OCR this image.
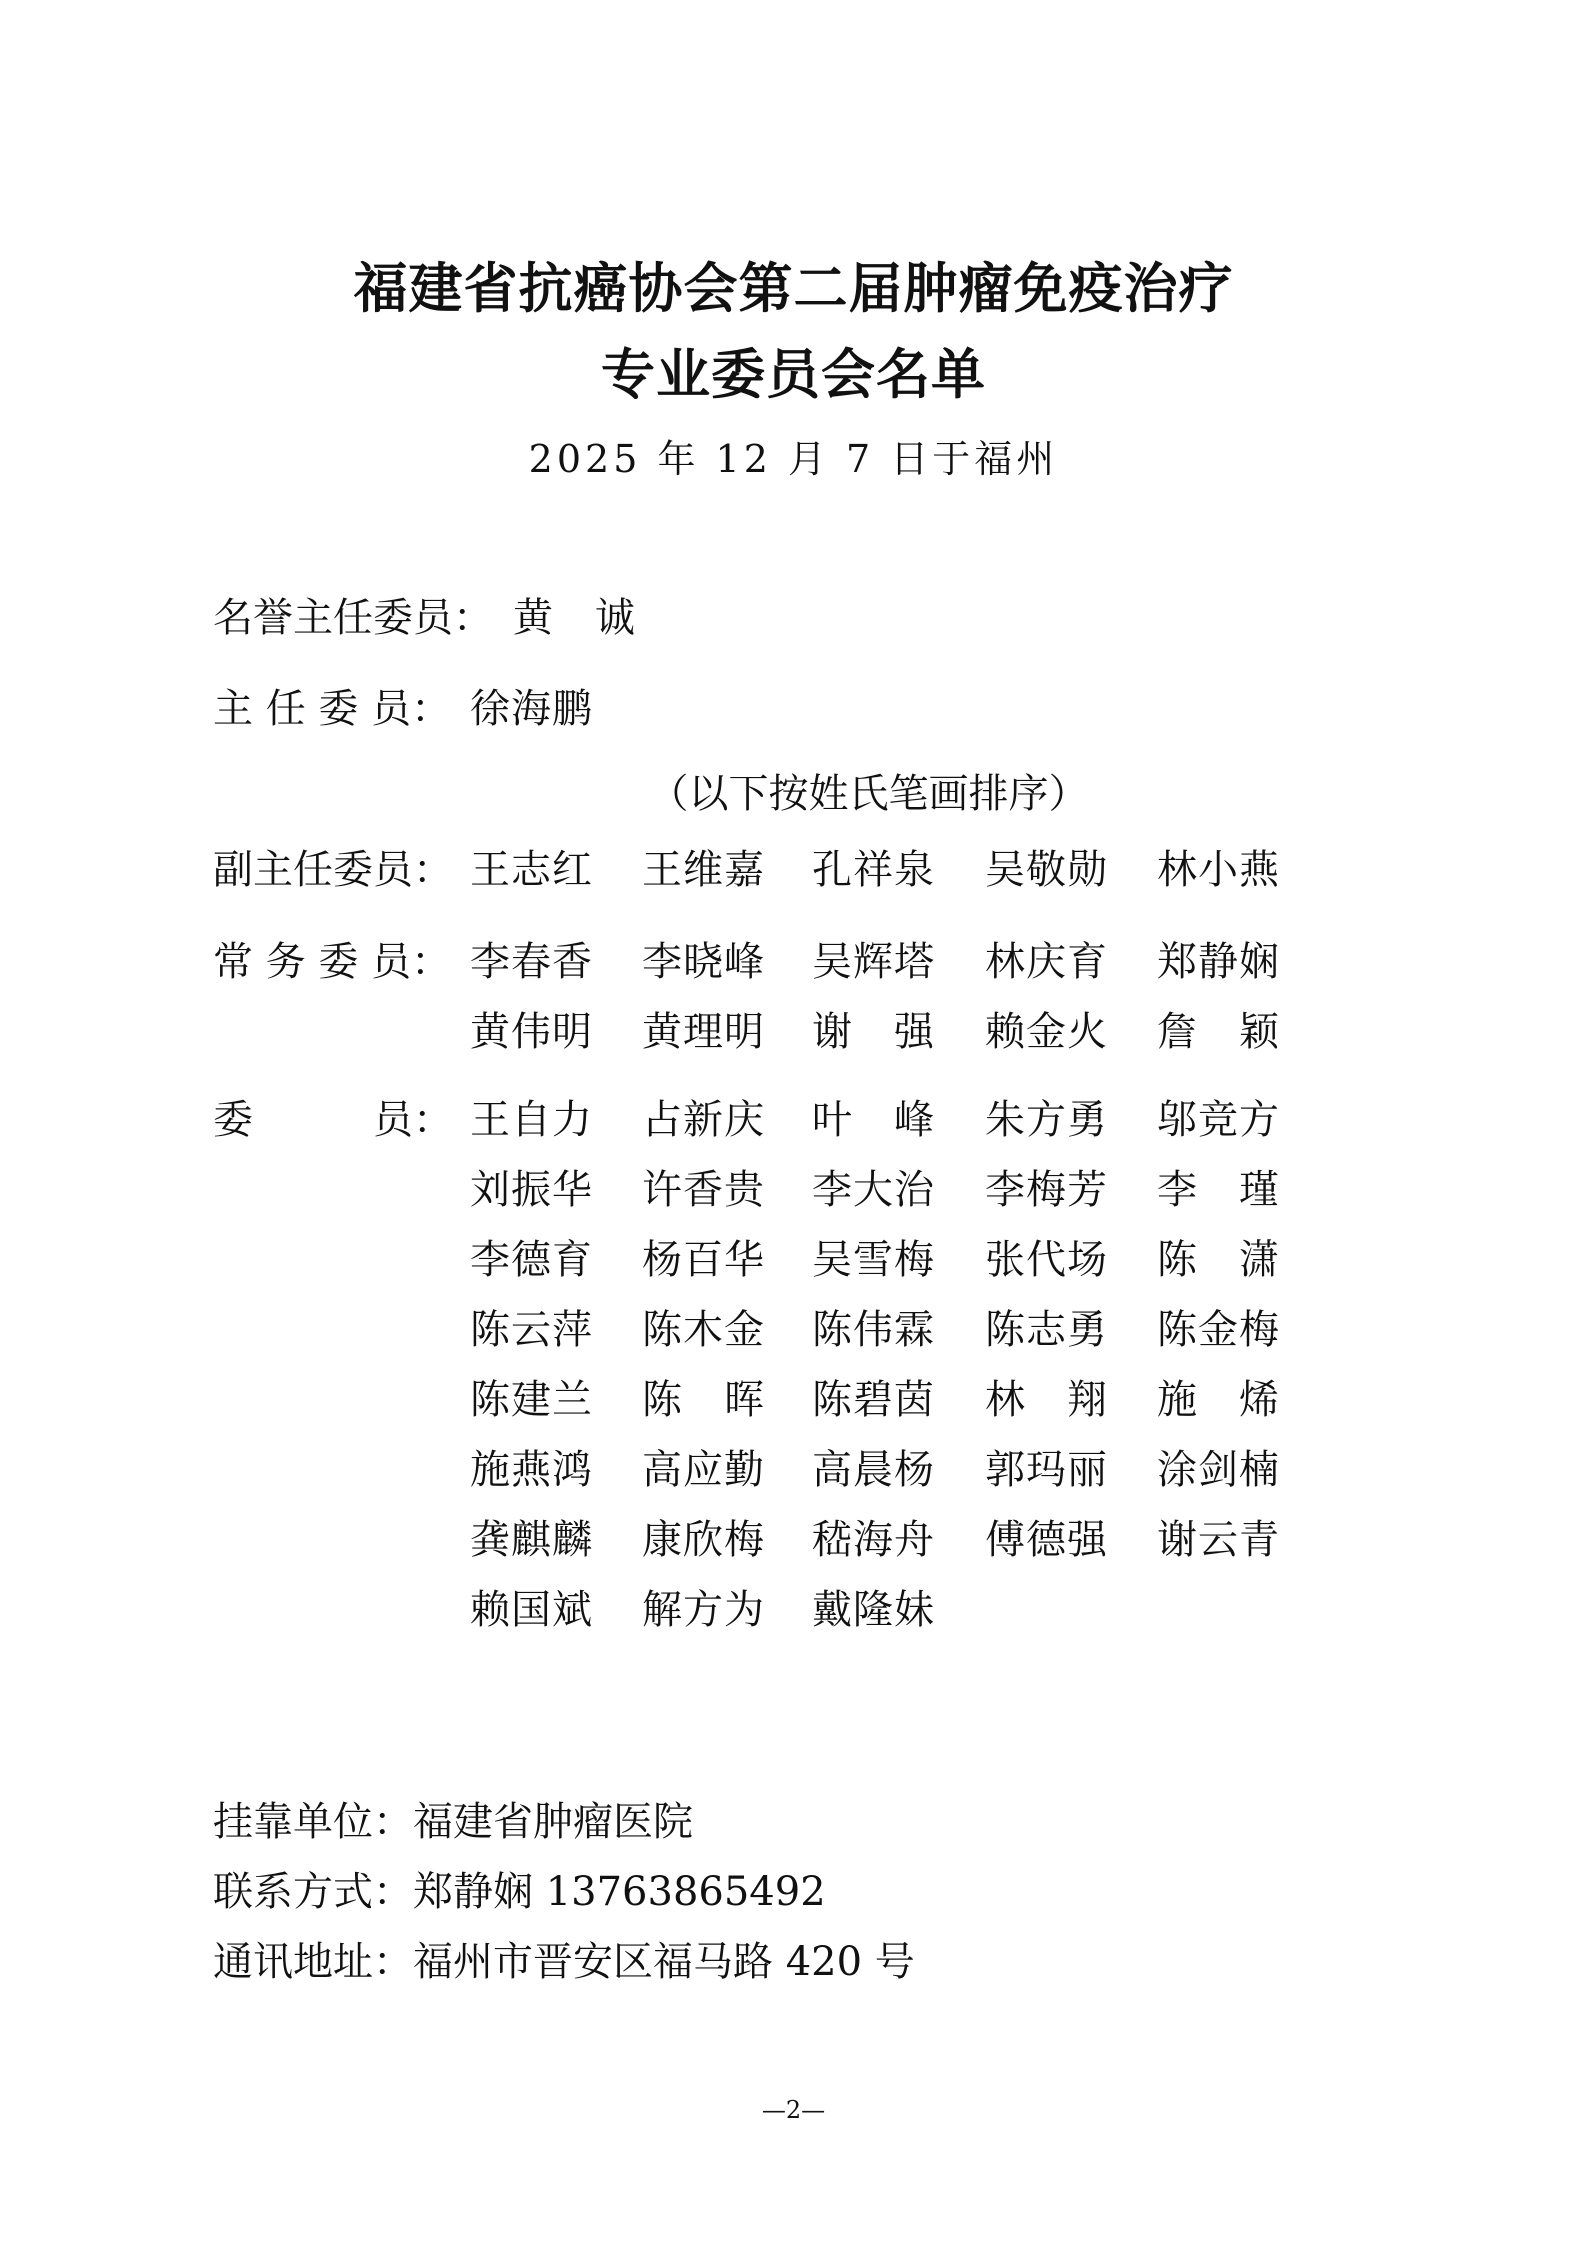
福建省抗癌协会第二届肿瘤免疫治疗
专业委员会名单
2025 年 12 月 7 日于福州
名誉主任委员： 黄　诚
主 任 委 员： 徐海鹏
（以下按姓氏笔画排序）
副主任委员： 王志红 王维嘉 孔祥泉 吴敬勋 林小燕
常 务 委 员： 李春香 李晓峰 吴辉塔 林庆育 郑静娴
黄伟明 黄理明 谢　强 赖金火 詹　颖
委　　　员： 王自力 占新庆 叶　峰 朱方勇 邬竞方
刘振华 许香贵 李大治 李梅芳 李　瑾
李德育 杨百华 吴雪梅 张代场 陈　潇
陈云萍 陈木金 陈伟霖 陈志勇 陈金梅
陈建兰 陈　晖 陈碧茵 林　翔 施　烯
施燕鸿 高应勤 高晨杨 郭玛丽 涂剑楠
龚麒麟 康欣梅 嵇海舟 傅德强 谢云青
赖国斌 解方为 戴隆妹
挂靠单位：福建省肿瘤医院
联系方式：郑静娴 13763865492
通讯地址：福州市晋安区福马路 420 号
—2—
